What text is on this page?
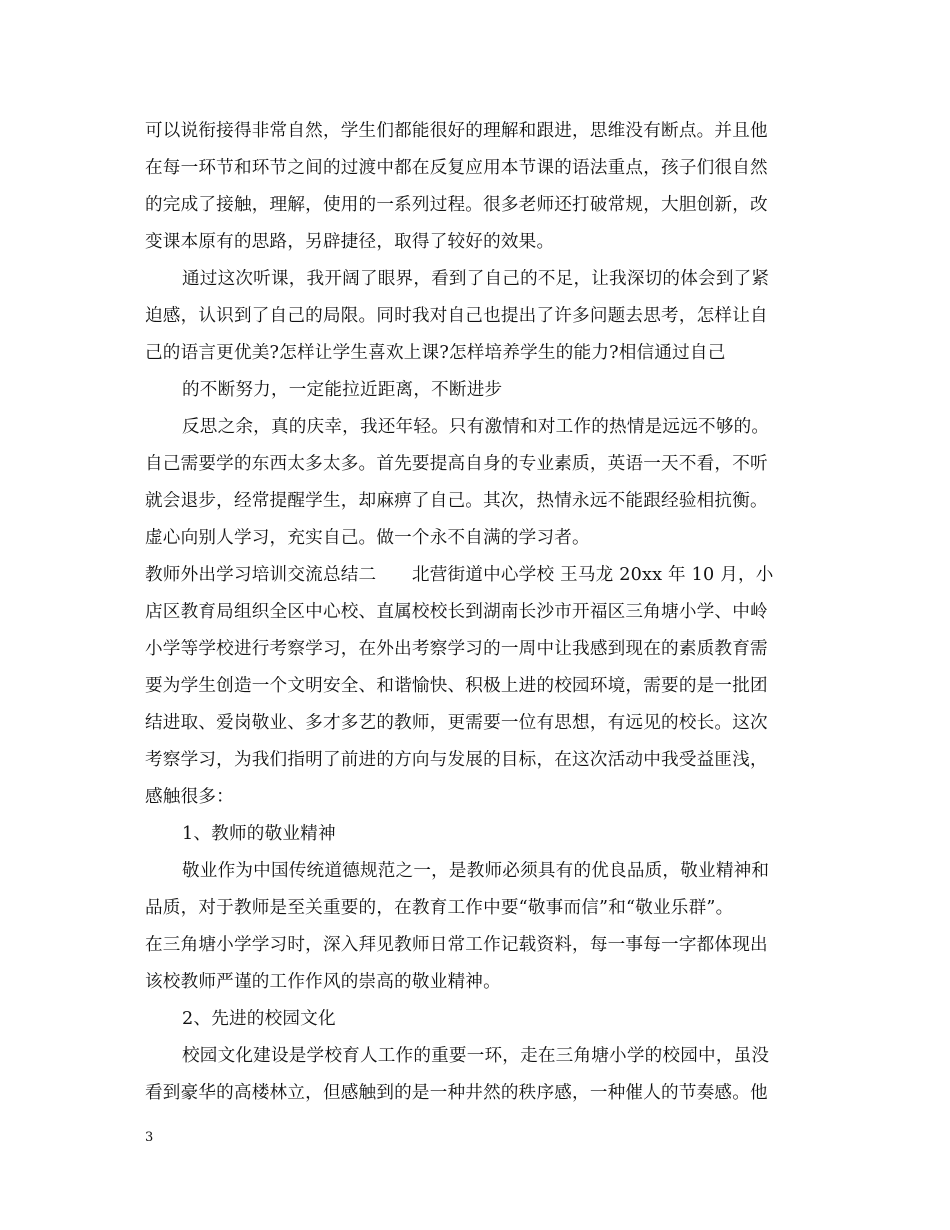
可以说衔接得非常自然，学生们都能很好的理解和跟进，思维没有断点。并且他
在每一环节和环节之间的过渡中都在反复应用本节课的语法重点，孩子们很自然
的完成了接触，理解，使用的一系列过程。很多老师还打破常规，大胆创新，改
变课本原有的思路，另辟捷径，取得了较好的效果。
通过这次听课，我开阔了眼界，看到了自己的不足，让我深切的体会到了紧
迫感，认识到了自己的局限。同时我对自己也提出了许多问题去思考，怎样让自
己的语言更优美?怎样让学生喜欢上课?怎样培养学生的能力?相信通过自己
的不断努力，一定能拉近距离，不断进步
反思之余，真的庆幸，我还年轻。只有激情和对工作的热情是远远不够的。
自己需要学的东西太多太多。首先要提高自身的专业素质，英语一天不看，不听
就会退步，经常提醒学生，却麻痹了自己。其次，热情永远不能跟经验相抗衡。
虚心向别人学习，充实自己。做一个永不自满的学习者。
教师外出学习培训交流总结二　　北营街道中心学校 王马龙 20xx 年 10 月，小
店区教育局组织全区中心校、直属校校长到湖南长沙市开福区三角塘小学、中岭
小学等学校进行考察学习，在外出考察学习的一周中让我感到现在的素质教育需
要为学生创造一个文明安全、和谐愉快、积极上进的校园环境，需要的是一批团
结进取、爱岗敬业、多才多艺的教师，更需要一位有思想，有远见的校长。这次
考察学习，为我们指明了前进的方向与发展的目标，在这次活动中我受益匪浅，
感触很多：
1、教师的敬业精神
敬业作为中国传统道德规范之一，是教师必须具有的优良品质，敬业精神和
品质，对于教师是至关重要的，在教育工作中要“敬事而信”和“敬业乐群”。
在三角塘小学学习时，深入拜见教师日常工作记载资料，每一事每一字都体现出
该校教师严谨的工作作风的崇高的敬业精神。
2、先进的校园文化
校园文化建设是学校育人工作的重要一环，走在三角塘小学的校园中，虽没
看到豪华的高楼林立，但感触到的是一种井然的秩序感，一种催人的节奏感。他
3
